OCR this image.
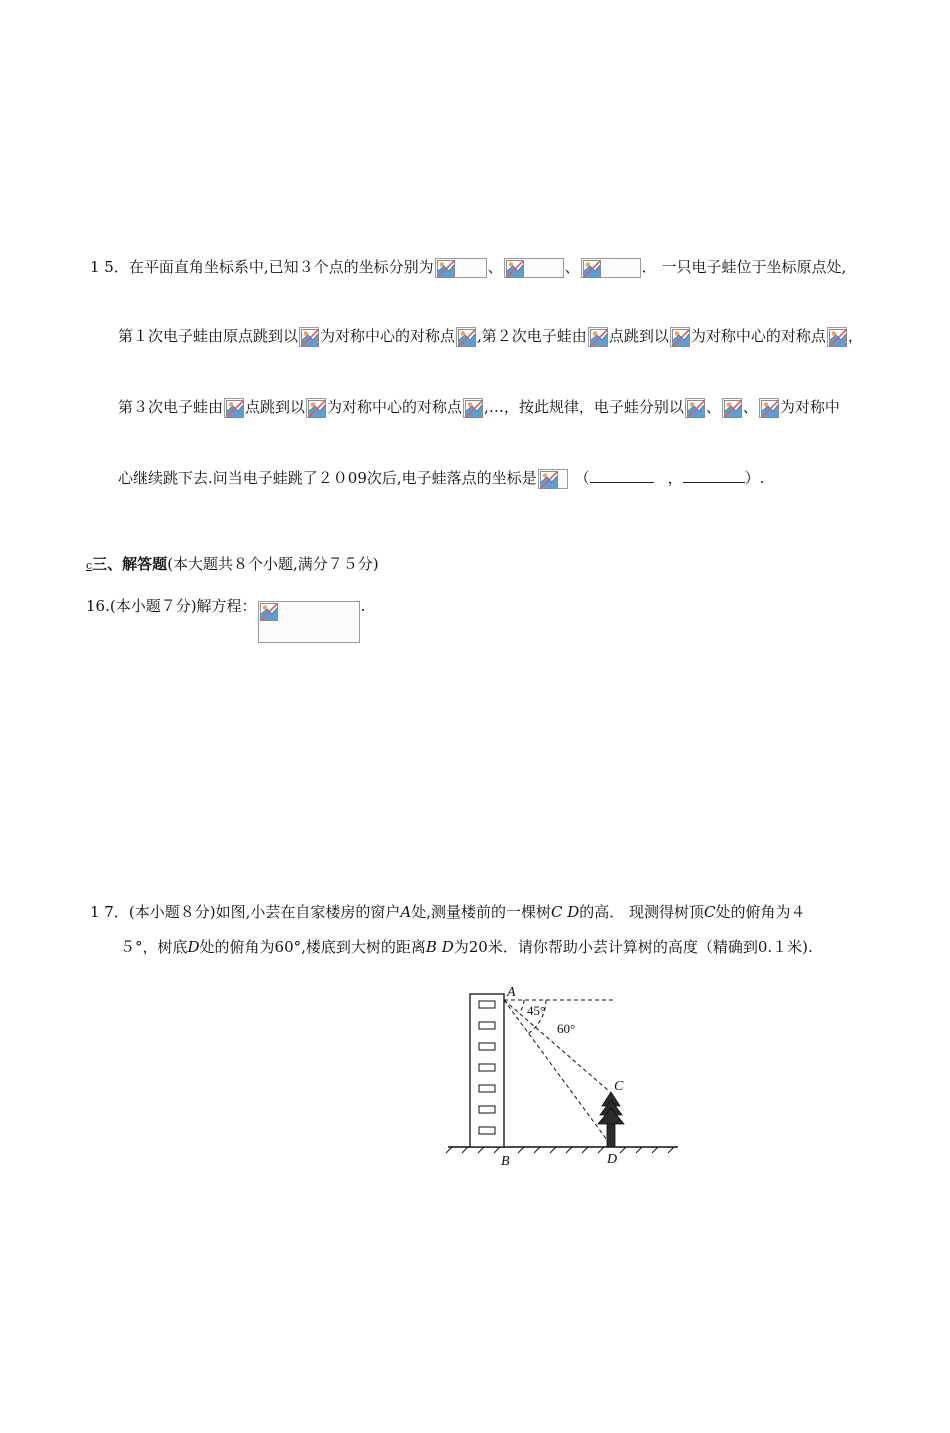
1 5．在平面直角坐标系中,已知３个点的坐标分别为	、	、	． 一只电子蛙位于坐标原点处,
第１次电子蛙由原点跳到以 为对称中心的对称点 ,第２次电子蛙由 点跳到以 为对称中心的对称点 ，
第３次电子蛙由 点跳到以 为对称中心的对称点 ,…，按此规律，电子蛙分别以 、 、 为对称中
心继续跳下去.问当电子蛙跳了２０09次后,电子蛙落点的坐标是	（	，	）.
c三、解答题(本大题共８个小题,满分７５分)
16.(本小题７分)解方程：	.
1 7．(本小题８分)如图,小芸在自家楼房的窗户A处,测量楼前的一棵树C D的高． 现测得树顶C处的俯角为４
５°，树底D处的俯角为60°,楼底到大树的距离B D为20米．请你帮助小芸计算树的高度（精确到0.１米).
A
B
C
D
45°
60°
